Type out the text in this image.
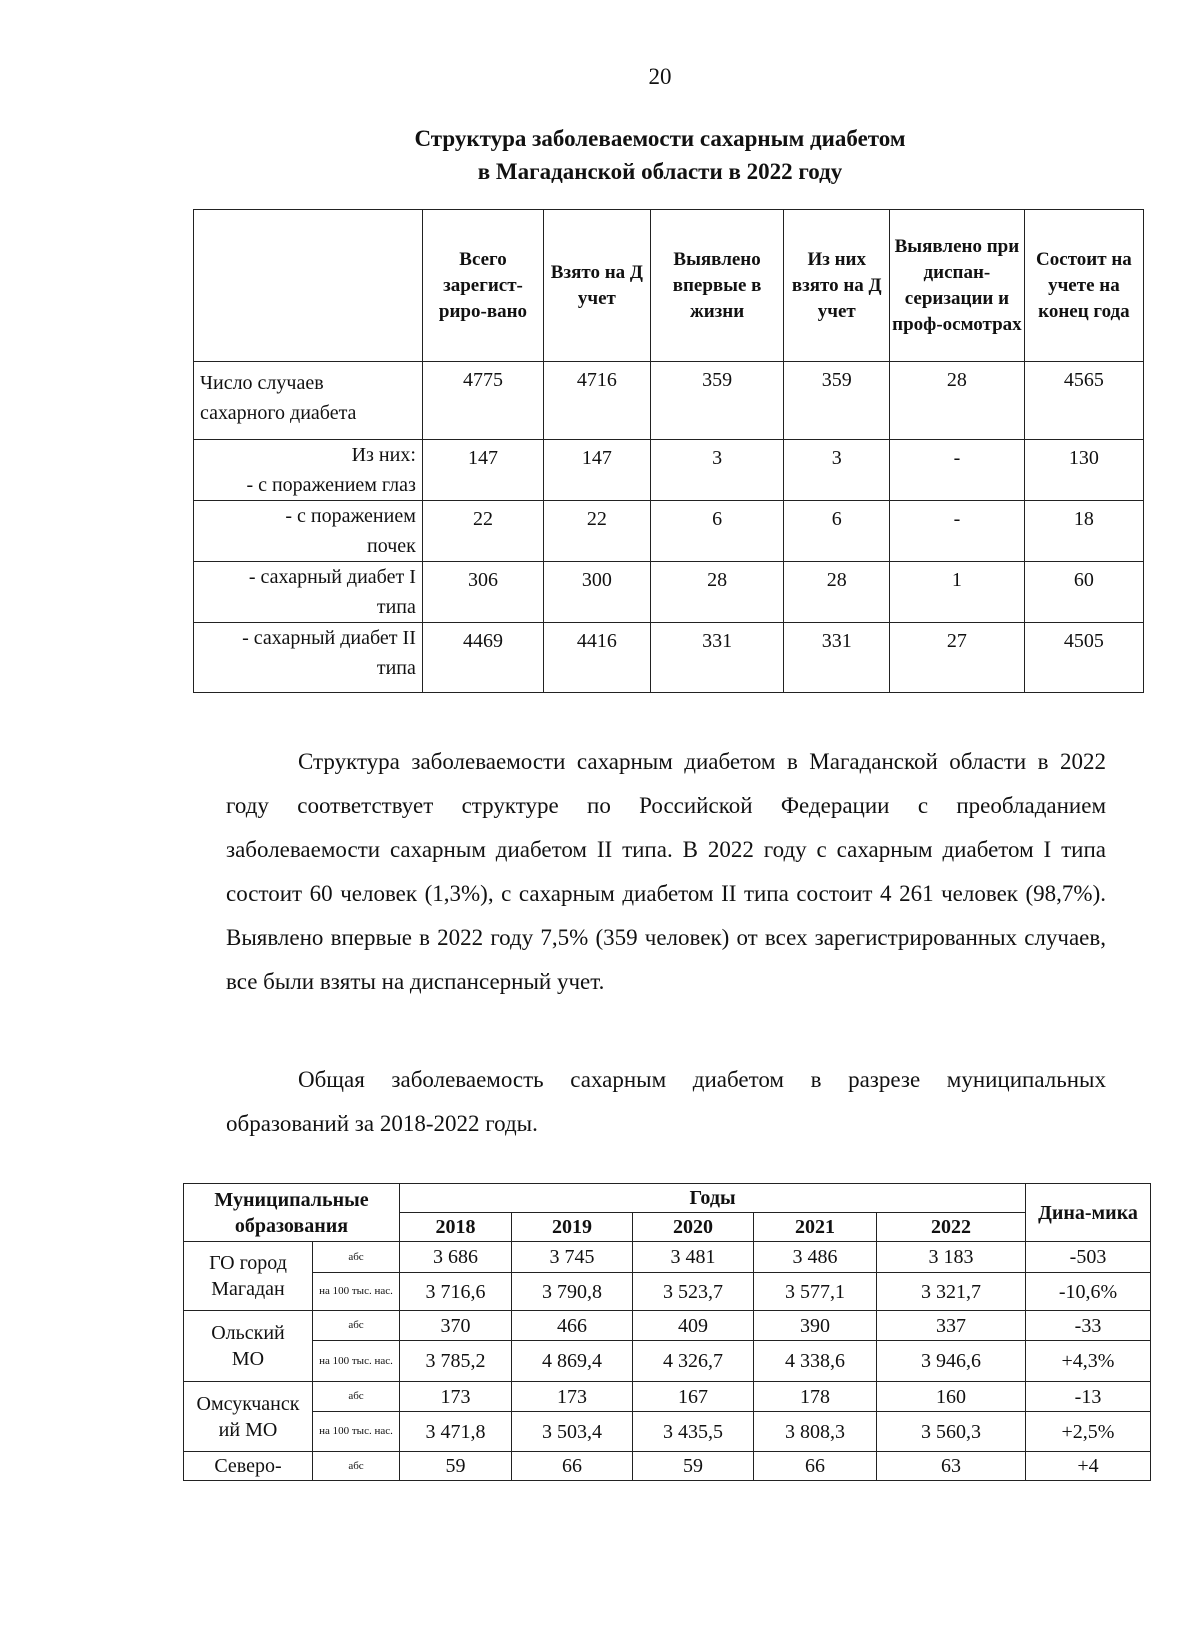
20
Структура заболеваемости сахарным диабетом
в Магаданской области в 2022 году
	Всего зарегист-риро-вано	Взято на Д учет	Выявлено впервые в жизни	Из них взято на Д учет	Выявлено при диспан-серизации и проф-осмотрах	Состоит на учете на конец года

Число случаев
сахарного диабета	4775	4716	359	359	28	4565

Из них:
- с поражением глаз	147	147	3	3	-	130

- с поражением
почек	22	22	6	6	-	18

- сахарный диабет I
типа	306	300	28	28	1	60

- сахарный диабет II
типа	4469	4416	331	331	27	4505
Структура заболеваемости сахарным диабетом в Магаданской области в 2022 году соответствует структуре по Российской Федерации с преобладанием заболеваемости сахарным диабетом II типа. В 2022 году с сахарным диабетом I типа состоит 60 человек (1,3%), с сахарным диабетом II типа состоит 4 261 человек (98,7%). Выявлено впервые в 2022 году 7,5% (359 человек) от всех зарегистрированных случаев, все были взяты на диспансерный учет.
Общая заболеваемость сахарным диабетом в разрезе муниципальных образований за 2018-2022 годы.
Муниципальные образования		Годы					Дина-мика
		2018	2019	2020	2021	2022	

ГО город
Магадан	абс	3 686	3 745	3 481	3 486	3 183	-503
	на 100 тыс. нас.	3 716,6	3 790,8	3 523,7	3 577,1	3 321,7	-10,6%

Ольский
МО	абс	370	466	409	390	337	-33
	на 100 тыс. нас.	3 785,2	4 869,4	4 326,7	4 338,6	3 946,6	+4,3%

Омсукчанск
ий МО	абс	173	173	167	178	160	-13
	на 100 тыс. нас.	3 471,8	3 503,4	3 435,5	3 808,3	3 560,3	+2,5%
Северо-	абс	59	66	59	66	63	+4
